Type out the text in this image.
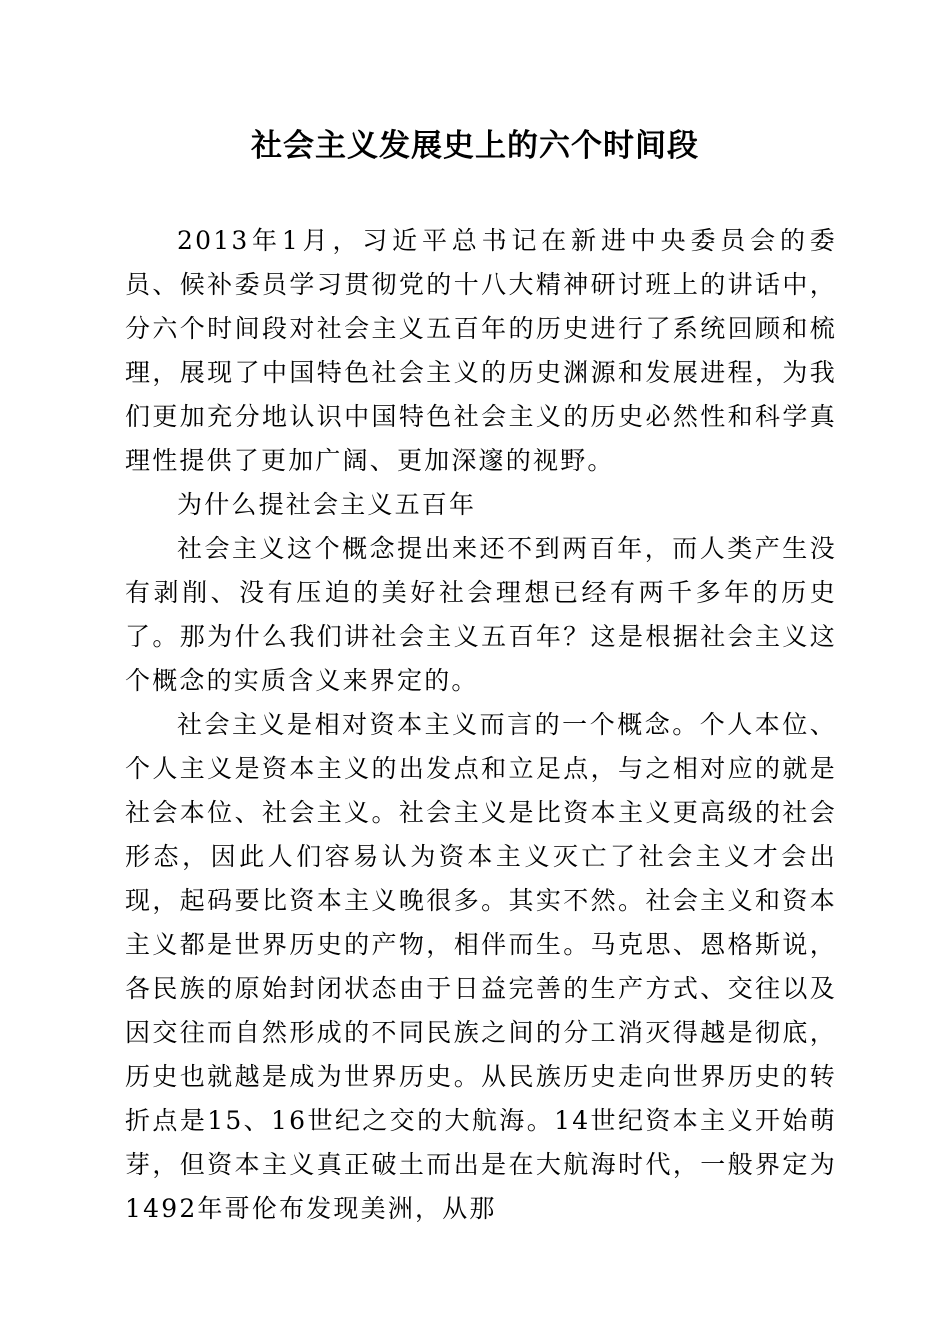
社会主义发展史上的六个时间段

2013年1月，习近平总书记在新进中央委员会的委员、候补委员学习贯彻党的十八大精神研讨班上的讲话中，分六个时间段对社会主义五百年的历史进行了系统回顾和梳理，展现了中国特色社会主义的历史渊源和发展进程，为我们更加充分地认识中国特色社会主义的历史必然性和科学真理性提供了更加广阔、更加深邃的视野。

为什么提社会主义五百年

社会主义这个概念提出来还不到两百年，而人类产生没有剥削、没有压迫的美好社会理想已经有两千多年的历史了。那为什么我们讲社会主义五百年？这是根据社会主义这个概念的实质含义来界定的。

社会主义是相对资本主义而言的一个概念。个人本位、个人主义是资本主义的出发点和立足点，与之相对应的就是社会本位、社会主义。社会主义是比资本主义更高级的社会形态，因此人们容易认为资本主义灭亡了社会主义才会出现，起码要比资本主义晚很多。其实不然。社会主义和资本主义都是世界历史的产物，相伴而生。马克思、恩格斯说，各民族的原始封闭状态由于日益完善的生产方式、交往以及因交往而自然形成的不同民族之间的分工消灭得越是彻底，历史也就越是成为世界历史。从民族历史走向世界历史的转折点是15、16世纪之交的大航海。14世纪资本主义开始萌芽，但资本主义真正破土而出是在大航海时代，一般界定为1492年哥伦布发现美洲，从那
